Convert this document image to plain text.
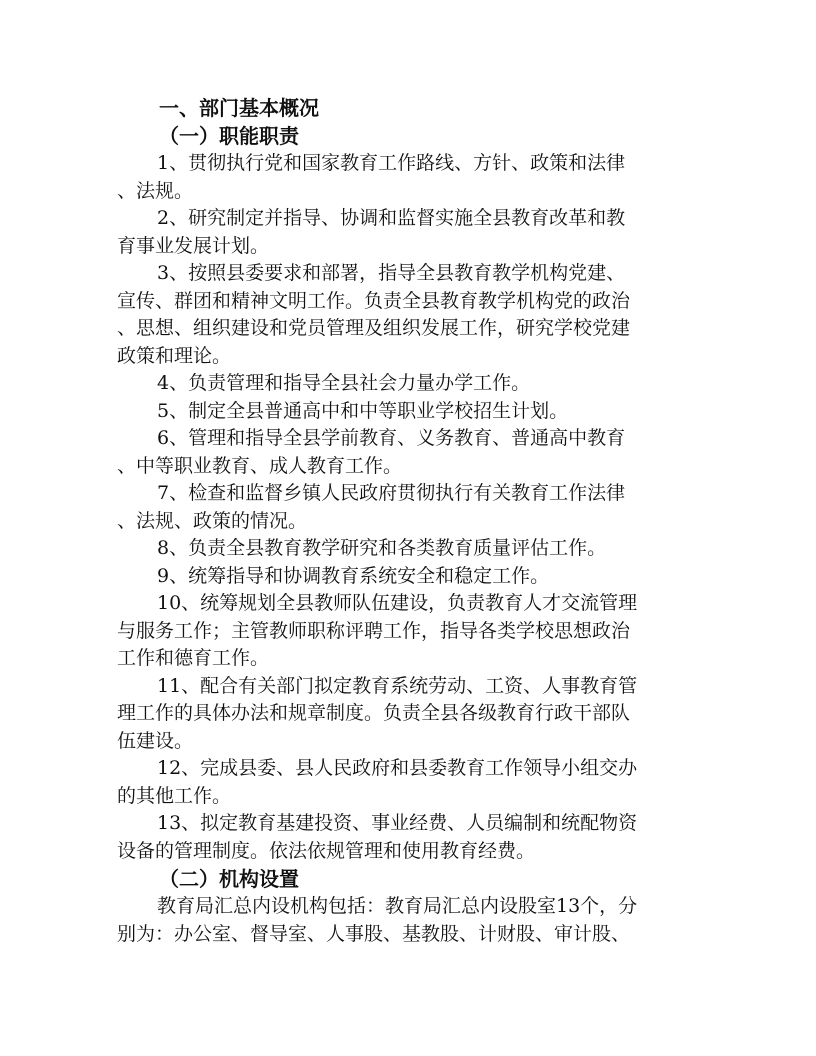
一、部门基本概况
（一）职能职责
1、贯彻执行党和国家教育工作路线、方针、政策和法律
、法规。
2、研究制定并指导、协调和监督实施全县教育改革和教
育事业发展计划。
3、按照县委要求和部署，指导全县教育教学机构党建、
宣传、群团和精神文明工作。负责全县教育教学机构党的政治
、思想、组织建设和党员管理及组织发展工作，研究学校党建
政策和理论。
4、负责管理和指导全县社会力量办学工作。
5、制定全县普通高中和中等职业学校招生计划。
6、管理和指导全县学前教育、义务教育、普通高中教育
、中等职业教育、成人教育工作。
7、检查和监督乡镇人民政府贯彻执行有关教育工作法律
、法规、政策的情况。
8、负责全县教育教学研究和各类教育质量评估工作。
9、统筹指导和协调教育系统安全和稳定工作。
10、统筹规划全县教师队伍建设，负责教育人才交流管理
与服务工作；主管教师职称评聘工作，指导各类学校思想政治
工作和德育工作。
11、配合有关部门拟定教育系统劳动、工资、人事教育管
理工作的具体办法和规章制度。负责全县各级教育行政干部队
伍建设。
12、完成县委、县人民政府和县委教育工作领导小组交办
的其他工作。
13、拟定教育基建投资、事业经费、人员编制和统配物资
设备的管理制度。依法依规管理和使用教育经费。
（二）机构设置
教育局汇总内设机构包括：教育局汇总内设股室13个，分
别为：办公室、督导室、人事股、基教股、计财股、审计股、
